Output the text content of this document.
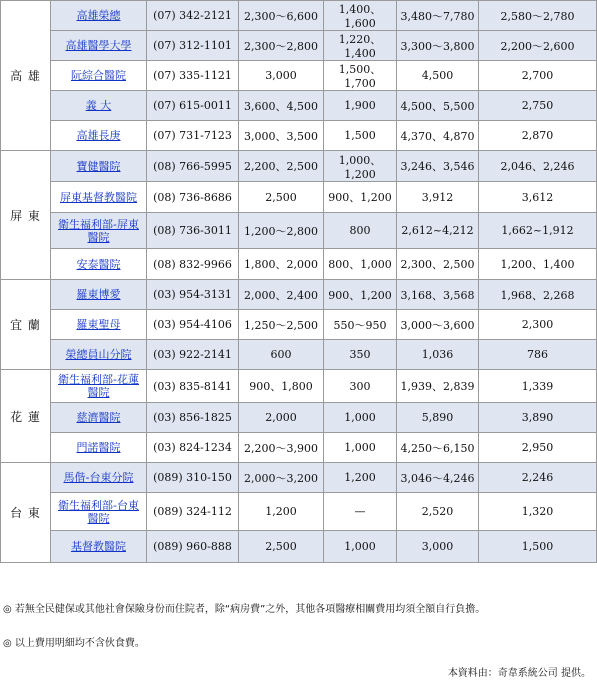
高 雄	高雄榮總	(07) 342-2121	2,300～6,600	1,400、1,600	3,480～7,780	2,580～2,780
	高雄醫學大學	(07) 312-1101	2,300～2,800	1,220、1,400	3,300～3,800	2,200～2,600
	阮綜合醫院	(07) 335-1121	3,000	1,500、1,700	4,500	2,700
	義 大	(07) 615-0011	3,600、4,500	1,900	4,500、5,500	2,750
	高雄長庚	(07) 731-7123	3,000、3,500	1,500	4,370、4,870	2,870
屏 東	寶健醫院	(08) 766-5995	2,200、2,500	1,000、1,200	3,246、3,546	2,046、2,246
	屏東基督教醫院	(08) 736-8686	2,500	900、1,200	3,912	3,612
	衛生福利部-屏東醫院	(08) 736-3011	1,200～2,800	800	2,612~4,212	1,662~1,912
	安泰醫院	(08) 832-9966	1,800、2,000	800、1,000	2,300、2,500	1,200、1,400
宜 蘭	羅東博愛	(03) 954-3131	2,000、2,400	900、1,200	3,168、3,568	1,968、2,268
	羅東聖母	(03) 954-4106	1,250～2,500	550～950	3,000～3,600	2,300
	榮總員山分院	(03) 922-2141	600	350	1,036	786
花 蓮	衛生福利部-花蓮醫院	(03) 835-8141	900、1,800	300	1,939、2,839	1,339
	慈濟醫院	(03) 856-1825	2,000	1,000	5,890	3,890
	門諾醫院	(03) 824-1234	2,200～3,900	1,000	4,250～6,150	2,950
台 東	馬偕-台東分院	(089) 310-150	2,000～3,200	1,200	3,046～4,246	2,246
	衛生福利部-台東醫院	(089) 324-112	1,200	—	2,520	1,320
	基督教醫院	(089) 960-888	2,500	1,000	3,000	1,500
◎ 若無全民健保或其他社會保險身份而住院者，除“病房費”之外，其他各項醫療相關費用均須全額自行負擔。
◎ 以上費用明細均不含伙食費。
本資料由：奇韋系統公司 提供。
